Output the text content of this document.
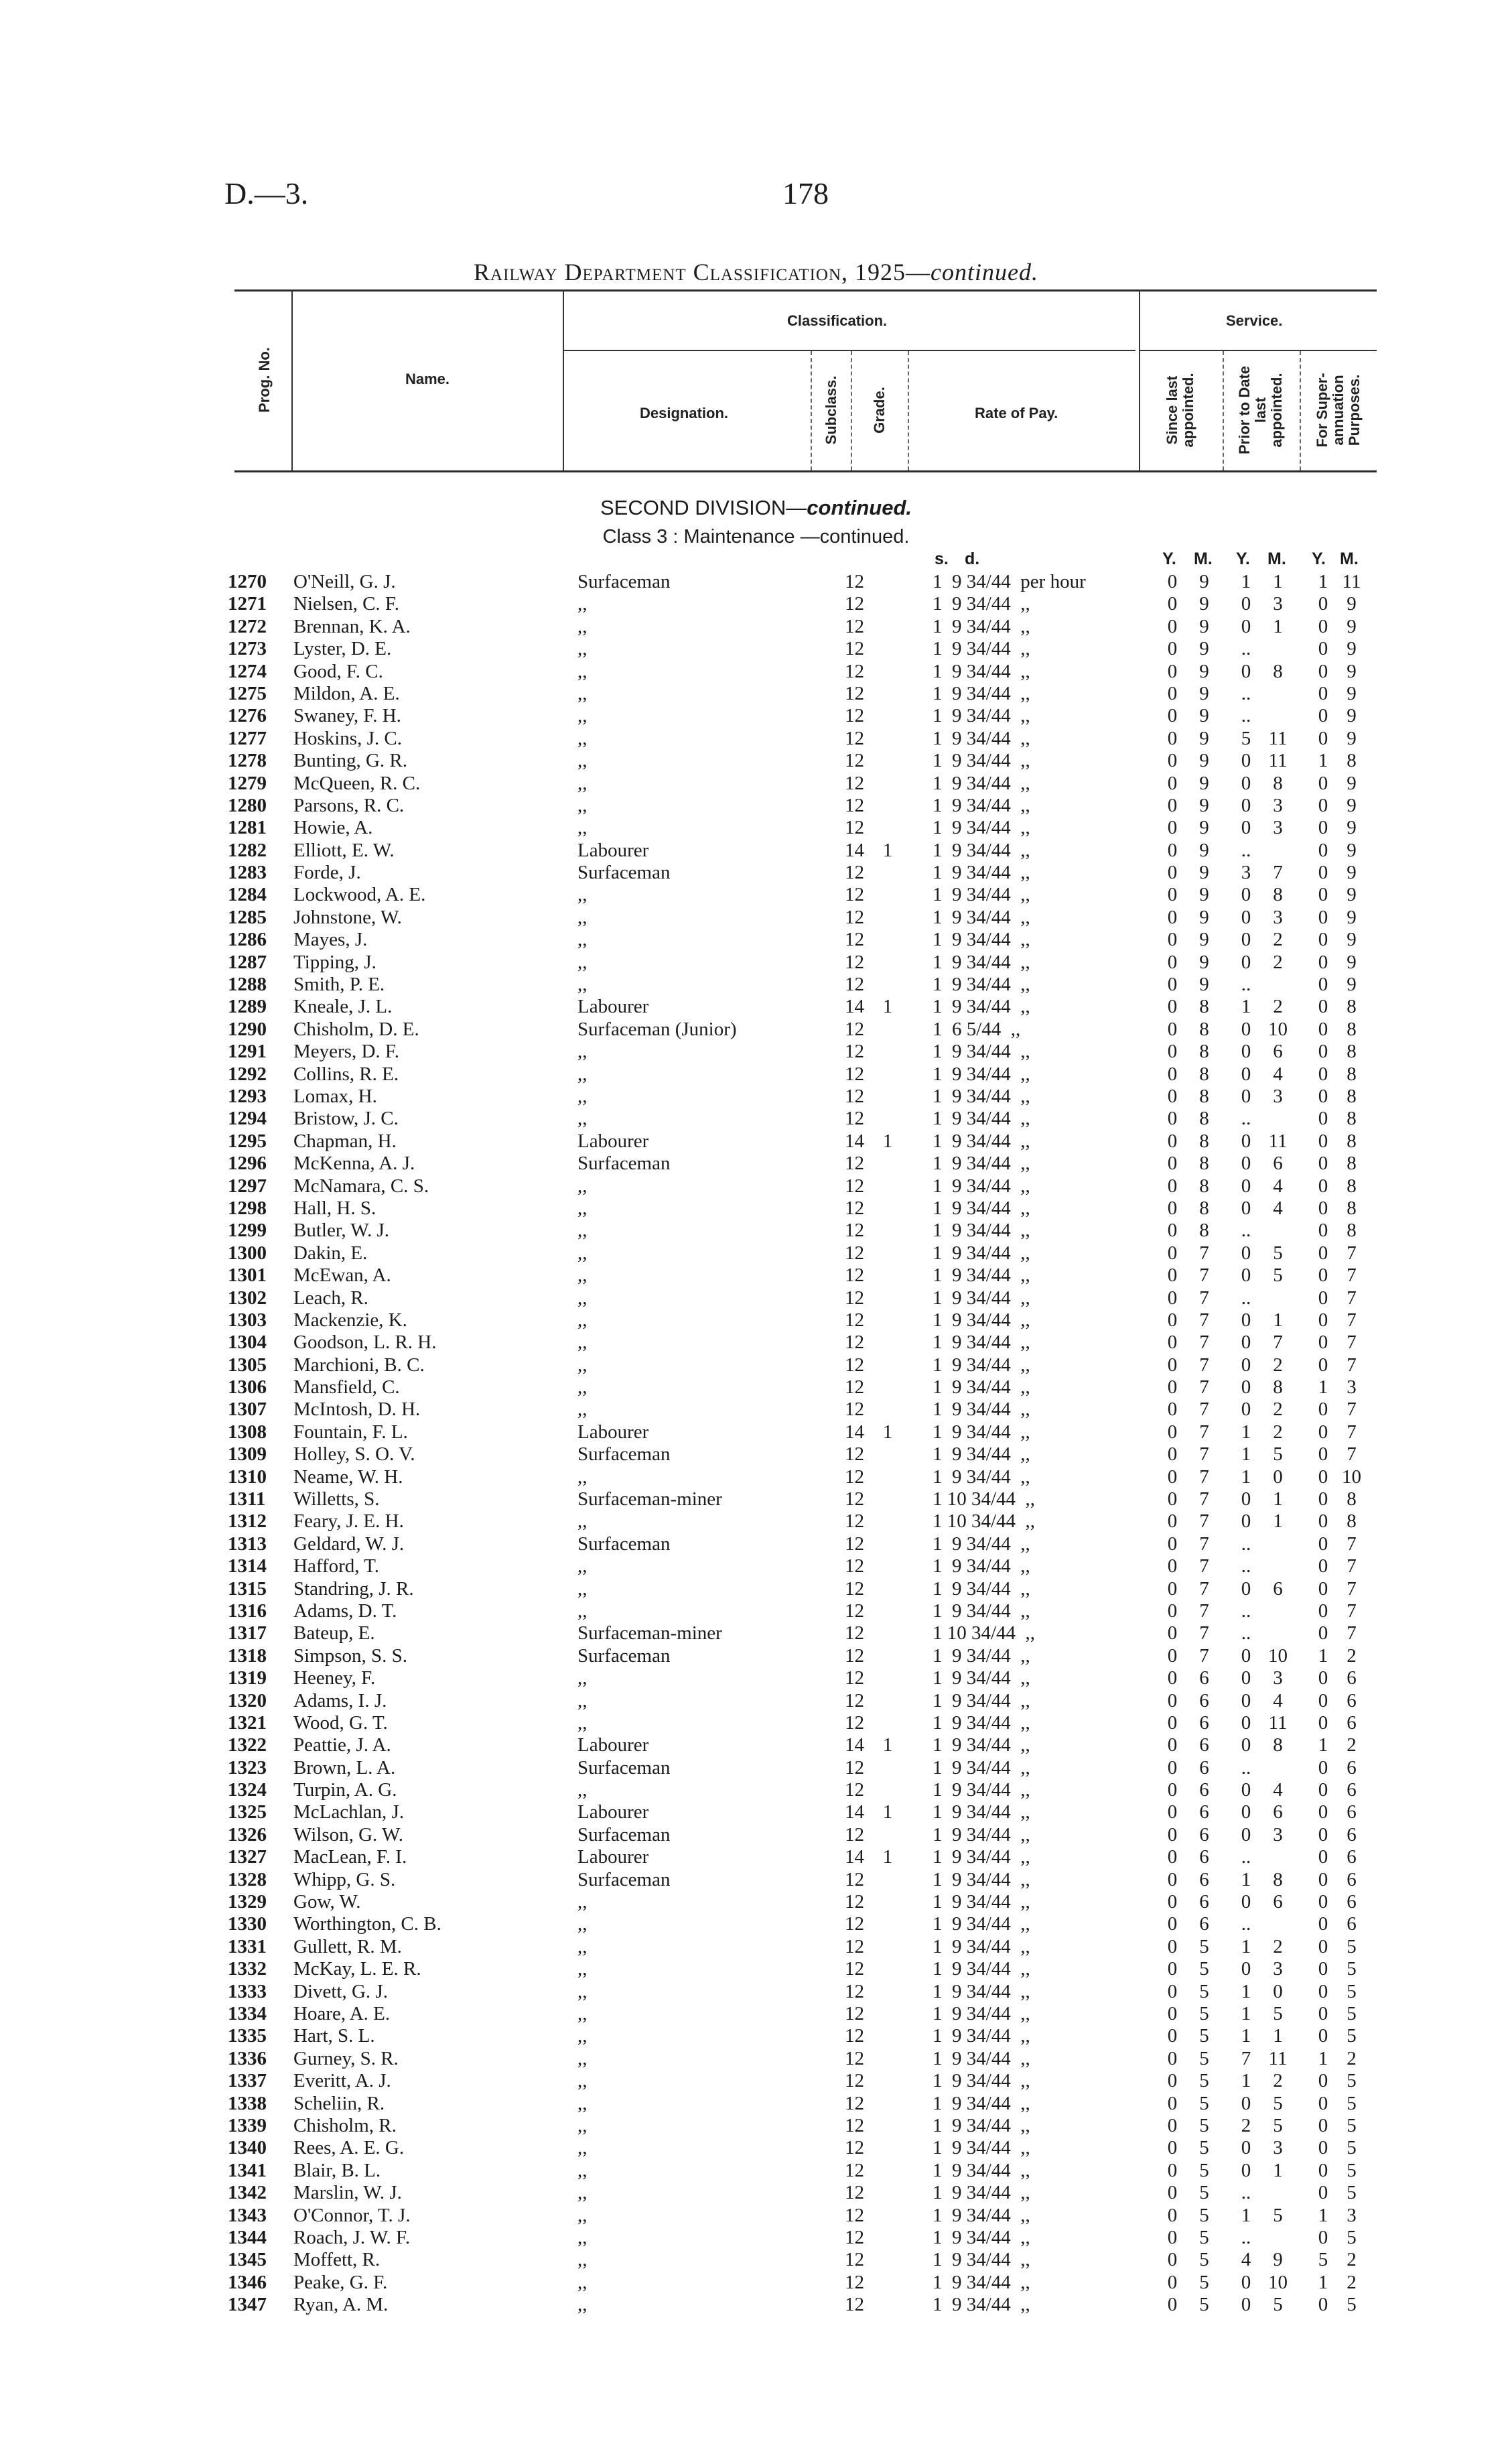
D.—3.	178
Railway Department Classification, 1925—continued.
Prog. No.	Name.
Classification.
Designation.	Subclass. Grade.	Rate of Pay.
Service.
Since last appointed.	Prior to Date last appointed. For Super-annuation Purposes.
SECOND DIVISION—continued.
Class 3 : Maintenance —continued.
s. d.	Y. M. Y. M. Y. M.
1270 O'Neill, G. J.	Surfaceman	12	1  9 34/44  per hour	0	9	1	1	1 11
1271 Nielsen, C. F.	,,	12	1  9 34/44  ,,	0	9	0	3	0 9
1272 Brennan, K. A.	,,	12	1  9 34/44  ,,	0	9	0	1	0 9
1273 Lyster, D. E.	,,	12	1  9 34/44  ,,	0	9	..	0 9
1274 Good, F. C.	,,	12	1  9 34/44  ,,	0	9	0	8	0 9
1275 Mildon, A. E.	,,	12	1  9 34/44  ,,	0	9	..	0 9
1276 Swaney, F. H.	,,	12	1  9 34/44  ,,	0	9	..	0 9
1277 Hoskins, J. C.	,,	12	1  9 34/44  ,,	0	9	5 11	0 9
1278 Bunting, G. R.	,,	12	1  9 34/44  ,,	0	9	0 11	1 8
1279 McQueen, R. C.	,,	12	1  9 34/44  ,,	0	9	0	8	0 9
1280 Parsons, R. C.	,,	12	1  9 34/44  ,,	0	9	0	3	0 9
1281 Howie, A.	,,	12	1  9 34/44  ,,	0	9	0	3	0 9
1282 Elliott, E. W.	Labourer	14 1	1  9 34/44  ,,	0	9	..	0 9
1283 Forde, J.	Surfaceman	12	1  9 34/44  ,,	0	9	3	7	0 9
1284 Lockwood, A. E.	,,	12	1  9 34/44  ,,	0	9	0	8	0 9
1285 Johnstone, W.	,,	12	1  9 34/44  ,,	0	9	0	3	0 9
1286 Mayes, J.	,,	12	1  9 34/44  ,,	0	9	0	2	0 9
1287 Tipping, J.	,,	12	1  9 34/44  ,,	0	9	0	2	0 9
1288 Smith, P. E.	,,	12	1  9 34/44  ,,	0	9	..	0 9
1289 Kneale, J. L.	Labourer	14 1	1  9 34/44  ,,	0	8	1	2	0 8
1290 Chisholm, D. E.	Surfaceman (Junior)	12	1  6 5/44  ,,	0	8	0 10	0 8
1291 Meyers, D. F.	,,	12	1  9 34/44  ,,	0	8	0	6	0 8
1292 Collins, R. E.	,,	12	1  9 34/44  ,,	0	8	0	4	0 8
1293 Lomax, H.	,,	12	1  9 34/44  ,,	0	8	0	3	0 8
1294 Bristow, J. C.	,,	12	1  9 34/44  ,,	0	8	..	0 8
1295 Chapman, H.	Labourer	14 1	1  9 34/44  ,,	0	8	0 11	0 8
1296 McKenna, A. J.	Surfaceman	12	1  9 34/44  ,,	0	8	0	6	0 8
1297 McNamara, C. S.	,,	12	1  9 34/44  ,,	0	8	0	4	0 8
1298 Hall, H. S.	,,	12	1  9 34/44  ,,	0	8	0	4	0 8
1299 Butler, W. J.	,,	12	1  9 34/44  ,,	0	8	..	0 8
1300 Dakin, E.	,,	12	1  9 34/44  ,,	0	7	0	5	0 7
1301 McEwan, A.	,,	12	1  9 34/44  ,,	0	7	0	5	0 7
1302 Leach, R.	,,	12	1  9 34/44  ,,	0	7	..	0 7
1303 Mackenzie, K.	,,	12	1  9 34/44  ,,	0	7	0	1	0 7
1304 Goodson, L. R. H.	,,	12	1  9 34/44  ,,	0	7	0	7	0 7
1305 Marchioni, B. C.	,,	12	1  9 34/44  ,,	0	7	0	2	0 7
1306 Mansfield, C.	,,	12	1  9 34/44  ,,	0	7	0	8	1 3
1307 McIntosh, D. H.	,,	12	1  9 34/44  ,,	0	7	0	2	0 7
1308 Fountain, F. L.	Labourer	14 1	1  9 34/44  ,,	0	7	1	2	0 7
1309 Holley, S. O. V.	Surfaceman	12	1  9 34/44  ,,	0	7	1	5	0 7
1310 Neame, W. H.	,,	12	1  9 34/44  ,,	0	7	1	0	0 10
1311 Willetts, S.	Surfaceman-miner	12	1 10 34/44  ,,	0	7	0	1	0 8
1312 Feary, J. E. H.	,,	12	1 10 34/44  ,,	0	7	0	1	0 8
1313 Geldard, W. J.	Surfaceman	12	1  9 34/44  ,,	0	7	..	0 7
1314 Hafford, T.	,,	12	1  9 34/44  ,,	0	7	..	0 7
1315 Standring, J. R.	,,	12	1  9 34/44  ,,	0	7	0	6	0 7
1316 Adams, D. T.	,,	12	1  9 34/44  ,,	0	7	..	0 7
1317 Bateup, E.	Surfaceman-miner	12	1 10 34/44  ,,	0	7	..	0 7
1318 Simpson, S. S.	Surfaceman	12	1  9 34/44  ,,	0	7	0 10	1 2
1319 Heeney, F.	,,	12	1  9 34/44  ,,	0	6	0	3	0 6
1320 Adams, I. J.	,,	12	1  9 34/44  ,,	0	6	0	4	0 6
1321 Wood, G. T.	,,	12	1  9 34/44  ,,	0	6	0 11	0 6
1322 Peattie, J. A.	Labourer	14 1	1  9 34/44  ,,	0	6	0	8	1 2
1323 Brown, L. A.	Surfaceman	12	1  9 34/44  ,,	0	6	..	0 6
1324 Turpin, A. G.	,,	12	1  9 34/44  ,,	0	6	0	4	0 6
1325 McLachlan, J.	Labourer	14 1	1  9 34/44  ,,	0	6	0	6	0 6
1326 Wilson, G. W.	Surfaceman	12	1  9 34/44  ,,	0	6	0	3	0 6
1327 MacLean, F. I.	Labourer	14 1	1  9 34/44  ,,	0	6	..	0 6
1328 Whipp, G. S.	Surfaceman	12	1  9 34/44  ,,	0	6	1	8	0 6
1329 Gow, W.	,,	12	1  9 34/44  ,,	0	6	0	6	0 6
1330 Worthington, C. B.	,,	12	1  9 34/44  ,,	0	6	..	0 6
1331 Gullett, R. M.	,,	12	1  9 34/44  ,,	0	5	1	2	0 5
1332 McKay, L. E. R.	,,	12	1  9 34/44  ,,	0	5	0	3	0 5
1333 Divett, G. J.	,,	12	1  9 34/44  ,,	0	5	1	0	0 5
1334 Hoare, A. E.	,,	12	1  9 34/44  ,,	0	5	1	5	0 5
1335 Hart, S. L.	,,	12	1  9 34/44  ,,	0	5	1	1	0 5
1336 Gurney, S. R.	,,	12	1  9 34/44  ,,	0	5	7 11	1 2
1337 Everitt, A. J.	,,	12	1  9 34/44  ,,	0	5	1	2	0 5
1338 Scheliin, R.	,,	12	1  9 34/44  ,,	0	5	0	5	0 5
1339 Chisholm, R.	,,	12	1  9 34/44  ,,	0	5	2	5	0 5
1340 Rees, A. E. G.	,,	12	1  9 34/44  ,,	0	5	0	3	0 5
1341 Blair, B. L.	,,	12	1  9 34/44  ,,	0	5	0	1	0 5
1342 Marslin, W. J.	,,	12	1  9 34/44  ,,	0	5	..	0 5
1343 O'Connor, T. J.	,,	12	1  9 34/44  ,,	0	5	1	5	1 3
1344 Roach, J. W. F.	,,	12	1  9 34/44  ,,	0	5	..	0 5
1345 Moffett, R.	,,	12	1  9 34/44  ,,	0	5	4	9	5 2
1346 Peake, G. F.	,,	12	1  9 34/44  ,,	0	5	0 10	1 2
1347 Ryan, A. M.	,,	12	1  9 34/44  ,,	0	5	0	5	0 5
